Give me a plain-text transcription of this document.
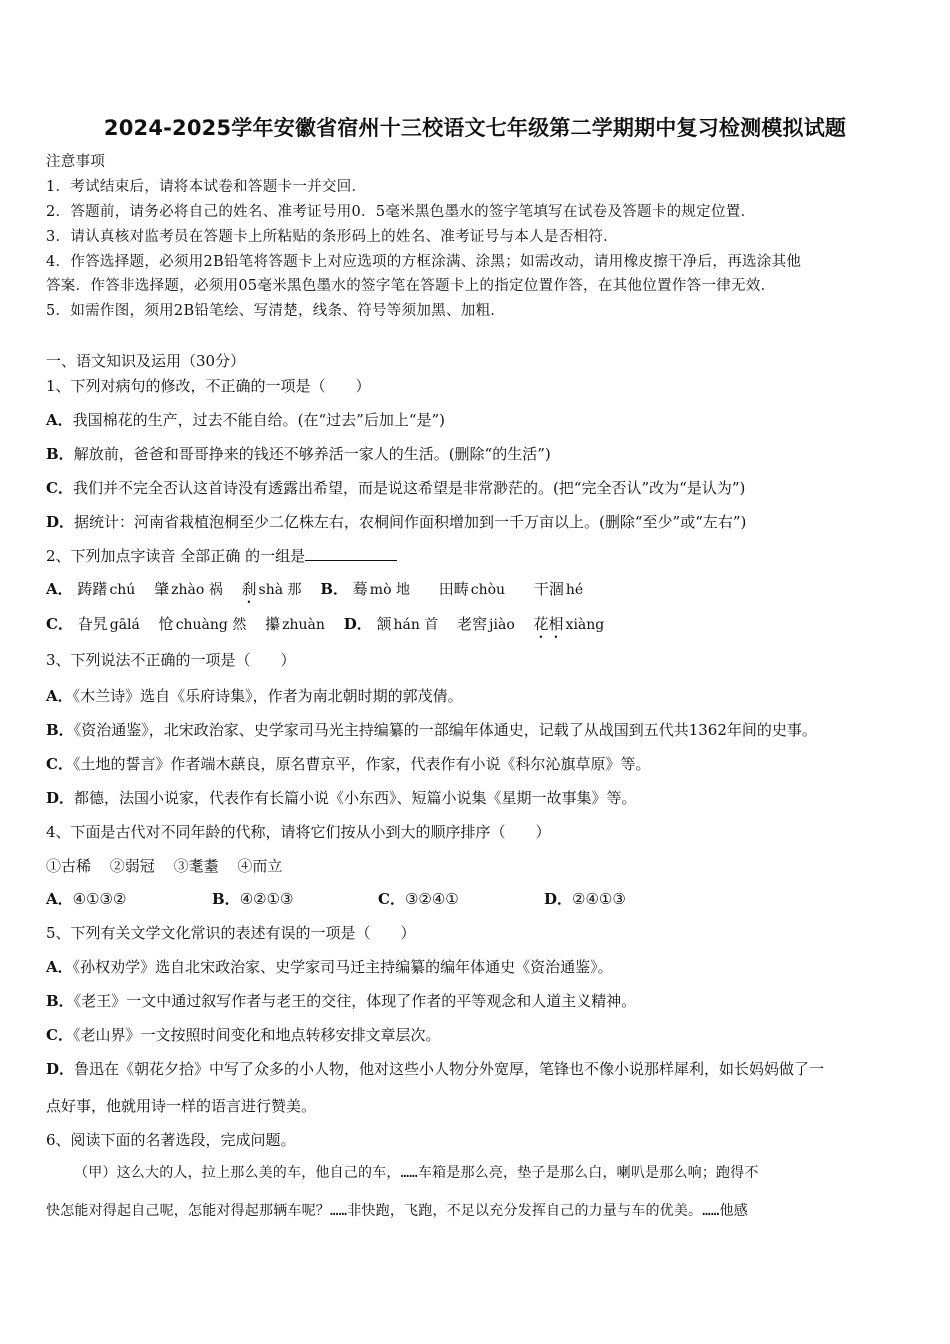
2024-2025学年安徽省宿州十三校语文七年级第二学期期中复习检测模拟试题
注意事项
1．考试结束后，请将本试卷和答题卡一并交回．
2．答题前，请务必将自己的姓名、准考证号用0．5毫米黑色墨水的签字笔填写在试卷及答题卡的规定位置．
3．请认真核对监考员在答题卡上所粘贴的条形码上的姓名、准考证号与本人是否相符．
4．作答选择题，必须用2B铅笔将答题卡上对应选项的方框涂满、涂黑；如需改动，请用橡皮擦干净后，再选涂其他
答案．作答非选择题，必须用05毫米黑色墨水的签字笔在答题卡上的指定位置作答，在其他位置作答一律无效．
5．如需作图，须用2B铅笔绘、写清楚，线条、符号等须加黑、加粗．
一、语文知识及运用（30分）
1、下列对病句的修改，不正确的一项是（　　）
A．我国棉花的生产，过去不能自给。(在“过去”后加上“是”)
B．解放前，爸爸和哥哥挣来的钱还不够养活一家人的生活。(删除“的生活”)
C．我们并不完全否认这首诗没有透露出希望，而是说这希望是非常渺茫的。(把“完全否认”改为“是认为”)
D．据统计：河南省栽植泡桐至少二亿株左右，农桐间作面积增加到一千万亩以上。(删除“至少”或“左右”)
2、下列加点字读音 全部正确 的一组是
A． 踌躇 chú 肇 zhào 祸 刹 shà 那 B． 蓦 mò 地 田畴 chòu 干涸 hé
C． 旮旯 gālá 怆 chuàng 然 攥 zhuàn D． 颔 hán 首 老窖 jiào 花相 xiàng
3、下列说法不正确的一项是（　　）
A．《木兰诗》选自《乐府诗集》，作者为南北朝时期的郭茂倩。
B．《资治通鉴》，北宋政治家、史学家司马光主持编纂的一部编年体通史，记载了从战国到五代共1362年间的史事。
C．《土地的誓言》作者端木蕻良，原名曹京平，作家，代表作有小说《科尔沁旗草原》等。
D．都德，法国小说家，代表作有长篇小说《小东西》、短篇小说集《星期一故事集》等。
4、下面是古代对不同年龄的代称，请将它们按从小到大的顺序排序（　　）
①古稀 ②弱冠 ③耄耋 ④而立
A．④①③②	B．④②①③	C．③②④①	D．②④①③
5、下列有关文学文化常识的表述有误的一项是（　　）
A．《孙权劝学》选自北宋政治家、史学家司马迁主持编纂的编年体通史《资治通鉴》。
B．《老王》一文中通过叙写作者与老王的交往，体现了作者的平等观念和人道主义精神。
C．《老山界》一文按照时间变化和地点转移安排文章层次。
D．鲁迅在《朝花夕拾》中写了众多的小人物，他对这些小人物分外宽厚，笔锋也不像小说那样犀利，如长妈妈做了一
点好事，他就用诗一样的语言进行赞美。
6、阅读下面的名著选段，完成问题。
（甲）这么大的人，拉上那么美的车，他自己的车，……车箱是那么亮，垫子是那么白，喇叭是那么响；跑得不
快怎能对得起自己呢，怎能对得起那辆车呢？……非快跑，飞跑，不足以充分发挥自己的力量与车的优美。……他感
